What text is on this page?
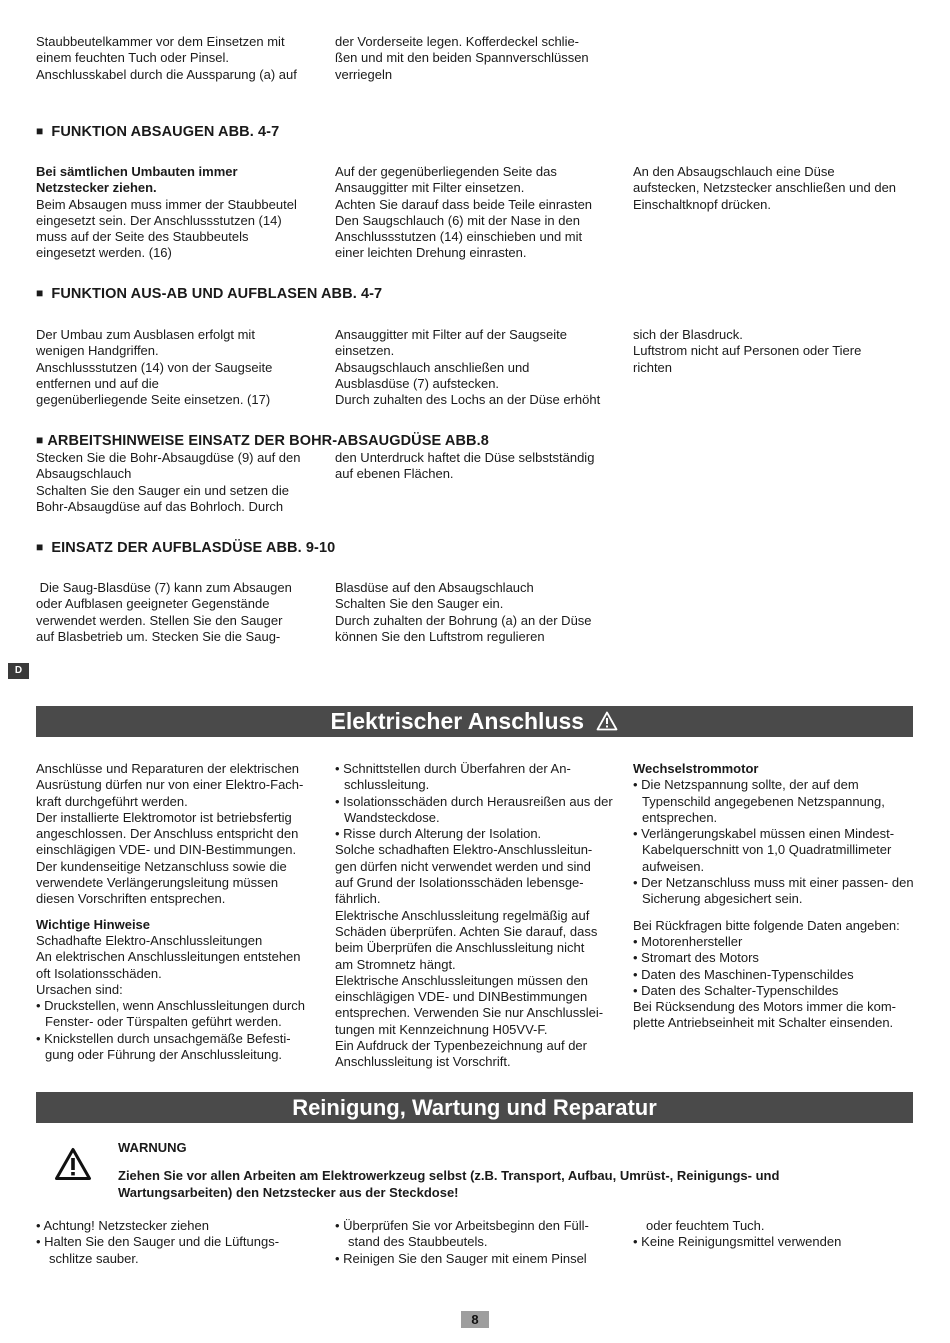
Staubbeutelkammer vor dem Einsetzen mit

einem feuchten Tuch oder Pinsel.

Anschlusskabel durch die Aussparung (a) auf

der Vorderseite legen. Kofferdeckel schlie-

ßen und mit den beiden Spannverschlüssen

verriegeln

■ FUNKTION ABSAUGEN ABB. 4-7

Bei sämtlichen Umbauten immer

Netzstecker ziehen.

Beim Absaugen muss immer der Staubbeutel

eingesetzt sein. Der Anschlussstutzen (14)

muss auf der Seite des Staubbeutels

eingesetzt werden. (16)

Auf der gegenüberliegenden Seite das

Ansauggitter mit Filter einsetzen.

Achten Sie darauf dass beide Teile einrasten

Den Saugschlauch (6) mit der Nase in den

Anschlussstutzen (14) einschieben und mit

einer leichten Drehung einrasten.

An den Absaugschlauch eine Düse

aufstecken, Netzstecker anschließen und den

Einschaltknopf drücken.

■ FUNKTION AUS-AB UND AUFBLASEN ABB. 4-7

Der Umbau zum Ausblasen erfolgt mit

wenigen Handgriffen.

Anschlussstutzen (14) von der Saugseite

entfernen und auf die

gegenüberliegende Seite einsetzen. (17)

Ansauggitter mit Filter auf der Saugseite

einsetzen.

Absaugschlauch anschließen und

Ausblasdüse (7) aufstecken.

Durch zuhalten des Lochs an der Düse erhöht

sich der Blasdruck.

Luftstrom nicht auf Personen oder Tiere

richten

■ ARBEITSHINWEISE EINSATZ DER BOHR-ABSAUGDÜSE ABB.8

Stecken Sie die Bohr-Absaugdüse (9) auf den

Absaugschlauch

Schalten Sie den Sauger ein und setzen die

Bohr-Absaugdüse auf das Bohrloch. Durch

den Unterdruck haftet die Düse selbstständig

auf ebenen Flächen.

■ EINSATZ DER AUFBLASDÜSE ABB. 9-10

Die Saug-Blasdüse (7) kann zum Absaugen

oder Aufblasen geeigneter Gegenstände

verwendet werden. Stellen Sie den Sauger

auf Blasbetrieb um. Stecken Sie die Saug-

Blasdüse auf den Absaugschlauch

Schalten Sie den Sauger ein.

Durch zuhalten der Bohrung (a) an der Düse

können Sie den Luftstrom regulieren

D
Elektrischer Anschluss

Anschlüsse und Reparaturen der elektrischen

Ausrüstung dürfen nur von einer Elektro-Fach-

kraft durchgeführt werden.

Der installierte Elektromotor ist betriebsfertig

angeschlossen. Der Anschluss entspricht den

einschlägigen VDE- und DIN-Bestimmungen.

Der kundenseitige Netzanschluss sowie die

verwendete Verlängerungsleitung müssen

diesen Vorschriften entsprechen.

Wichtige Hinweise

Schadhafte Elektro-Anschlussleitungen

An elektrischen Anschlussleitungen entstehen

oft Isolationsschäden.

Ursachen sind:

• Druckstellen, wenn Anschlussleitungen durch Fenster- oder Türspalten geführt werden.

• Knickstellen durch unsachgemäße Befesti- gung oder Führung der Anschlussleitung.

• Schnittstellen durch Überfahren der An- schlussleitung.

• Isolationsschäden durch Herausreißen aus der Wandsteckdose.

• Risse durch Alterung der Isolation.

Solche schadhaften Elektro-Anschlussleitun-

gen dürfen nicht verwendet werden und sind

auf Grund der Isolationsschäden lebensge-

fährlich.

Elektrische Anschlussleitung regelmäßig auf

Schäden überprüfen. Achten Sie darauf, dass

beim Überprüfen die Anschlussleitung nicht

am Stromnetz hängt.

Elektrische Anschlussleitungen müssen den

einschlägigen VDE- und DINBestimmungen

entsprechen. Verwenden Sie nur Anschlusslei-

tungen mit Kennzeichnung H05VV-F.

Ein Aufdruck der Typenbezeichnung auf der

Anschlussleitung ist Vorschrift.

Wechselstrommotor

• Die Netzspannung sollte, der auf dem Typenschild angegebenen Netzspannung, entsprechen.

• Verlängerungskabel müssen einen Mindest- Kabelquerschnitt von 1,0 Quadratmillimeter aufweisen.

• Der Netzanschluss muss mit einer passen- den Sicherung abgesichert sein.

Bei Rückfragen bitte folgende Daten angeben:

• Motorenhersteller

• Stromart des Motors

• Daten des Maschinen-Typenschildes

• Daten des Schalter-Typenschildes

Bei Rücksendung des Motors immer die kom-

plette Antriebseinheit mit Schalter einsenden.

Reinigung, Wartung und Reparatur
WARNUNG
Ziehen Sie vor allen Arbeiten am Elektrowerkzeug selbst (z.B. Transport, Aufbau, Umrüst-, Reinigungs- und Wartungsarbeiten) den Netzstecker aus der Steckdose!
• Achtung! Netzstecker ziehen
• Halten Sie den Sauger und die Lüftungs- schlitze sauber.
• Überprüfen Sie vor Arbeitsbeginn den Füll- stand des Staubbeutels.
• Reinigen Sie den Sauger mit einem Pinsel
oder feuchtem Tuch.
• Keine Reinigungsmittel verwenden
8
